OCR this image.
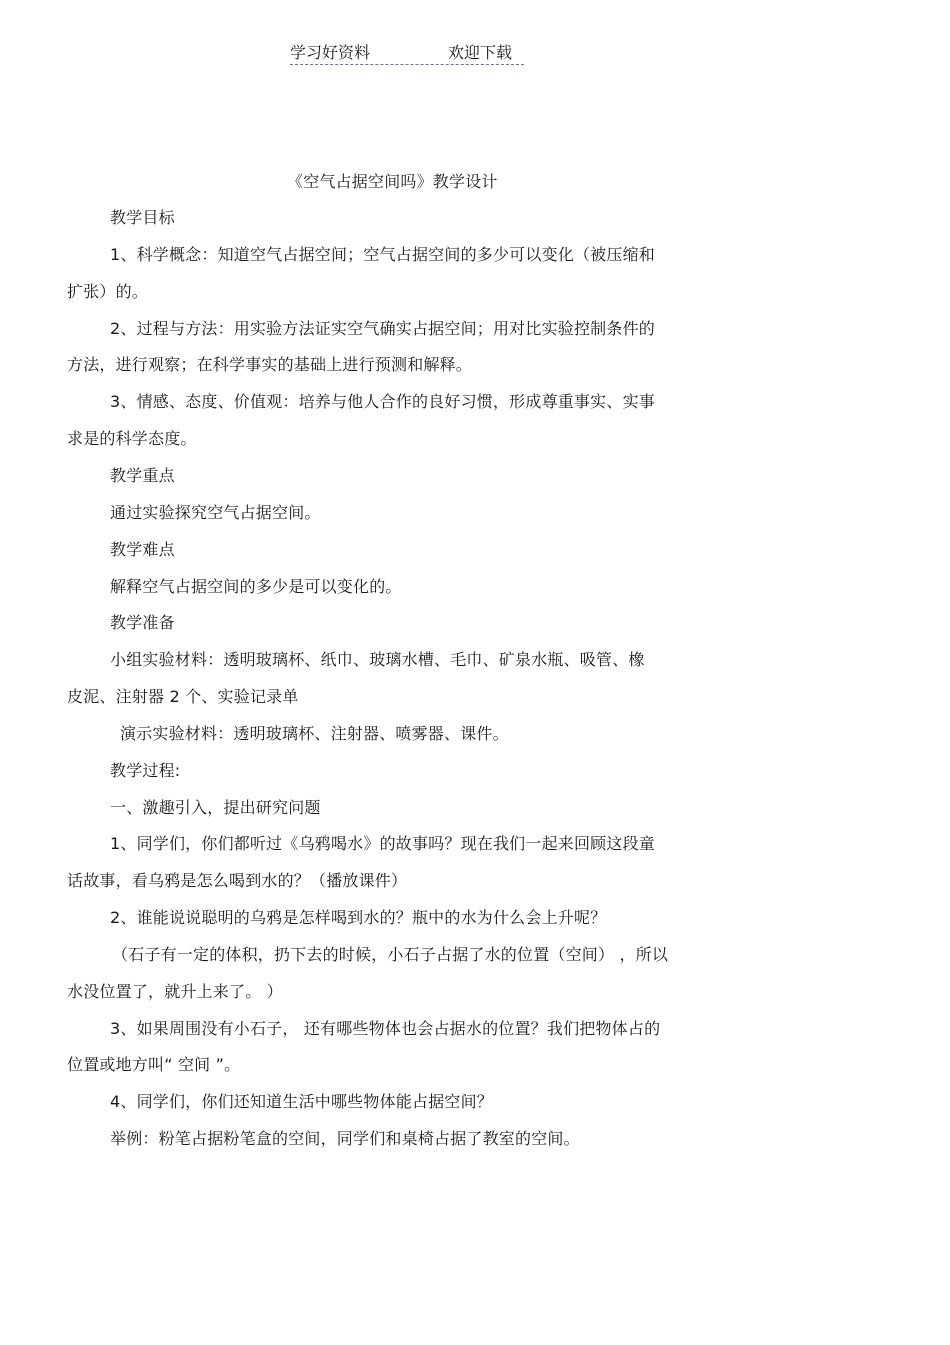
学习好资料	欢迎下载
《空气占据空间吗》教学设计
教学目标
1、科学概念：知道空气占据空间；空气占据空间的多少可以变化（被压缩和
扩张）的。
2、过程与方法：用实验方法证实空气确实占据空间；用对比实验控制条件的
方法，进行观察；在科学事实的基础上进行预测和解释。
3、情感、态度、价值观：培养与他人合作的良好习惯，形成尊重事实、实事
求是的科学态度。
教学重点
通过实验探究空气占据空间。
教学难点
解释空气占据空间的多少是可以变化的。
教学准备
小组实验材料：透明玻璃杯、纸巾、玻璃水槽、毛巾、矿泉水瓶、吸管、橡
皮泥、注射器 2 个、实验记录单
演示实验材料：透明玻璃杯、注射器、喷雾器、课件。
教学过程:
一、激趣引入，提出研究问题
1、同学们，你们都听过《乌鸦喝水》的故事吗？现在我们一起来回顾这段童
话故事，看乌鸦是怎么喝到水的？（播放课件）
2、谁能说说聪明的乌鸦是怎样喝到水的？瓶中的水为什么会上升呢？
（石子有一定的体积，扔下去的时候，小石子占据了水的位置（空间） ，所以
水没位置了，就升上来了。 ）
3、如果周围没有小石子， 还有哪些物体也会占据水的位置？我们把物体占的
位置或地方叫“ 空间 ”。
4、同学们，你们还知道生活中哪些物体能占据空间？
举例：粉笔占据粉笔盒的空间，同学们和桌椅占据了教室的空间。
